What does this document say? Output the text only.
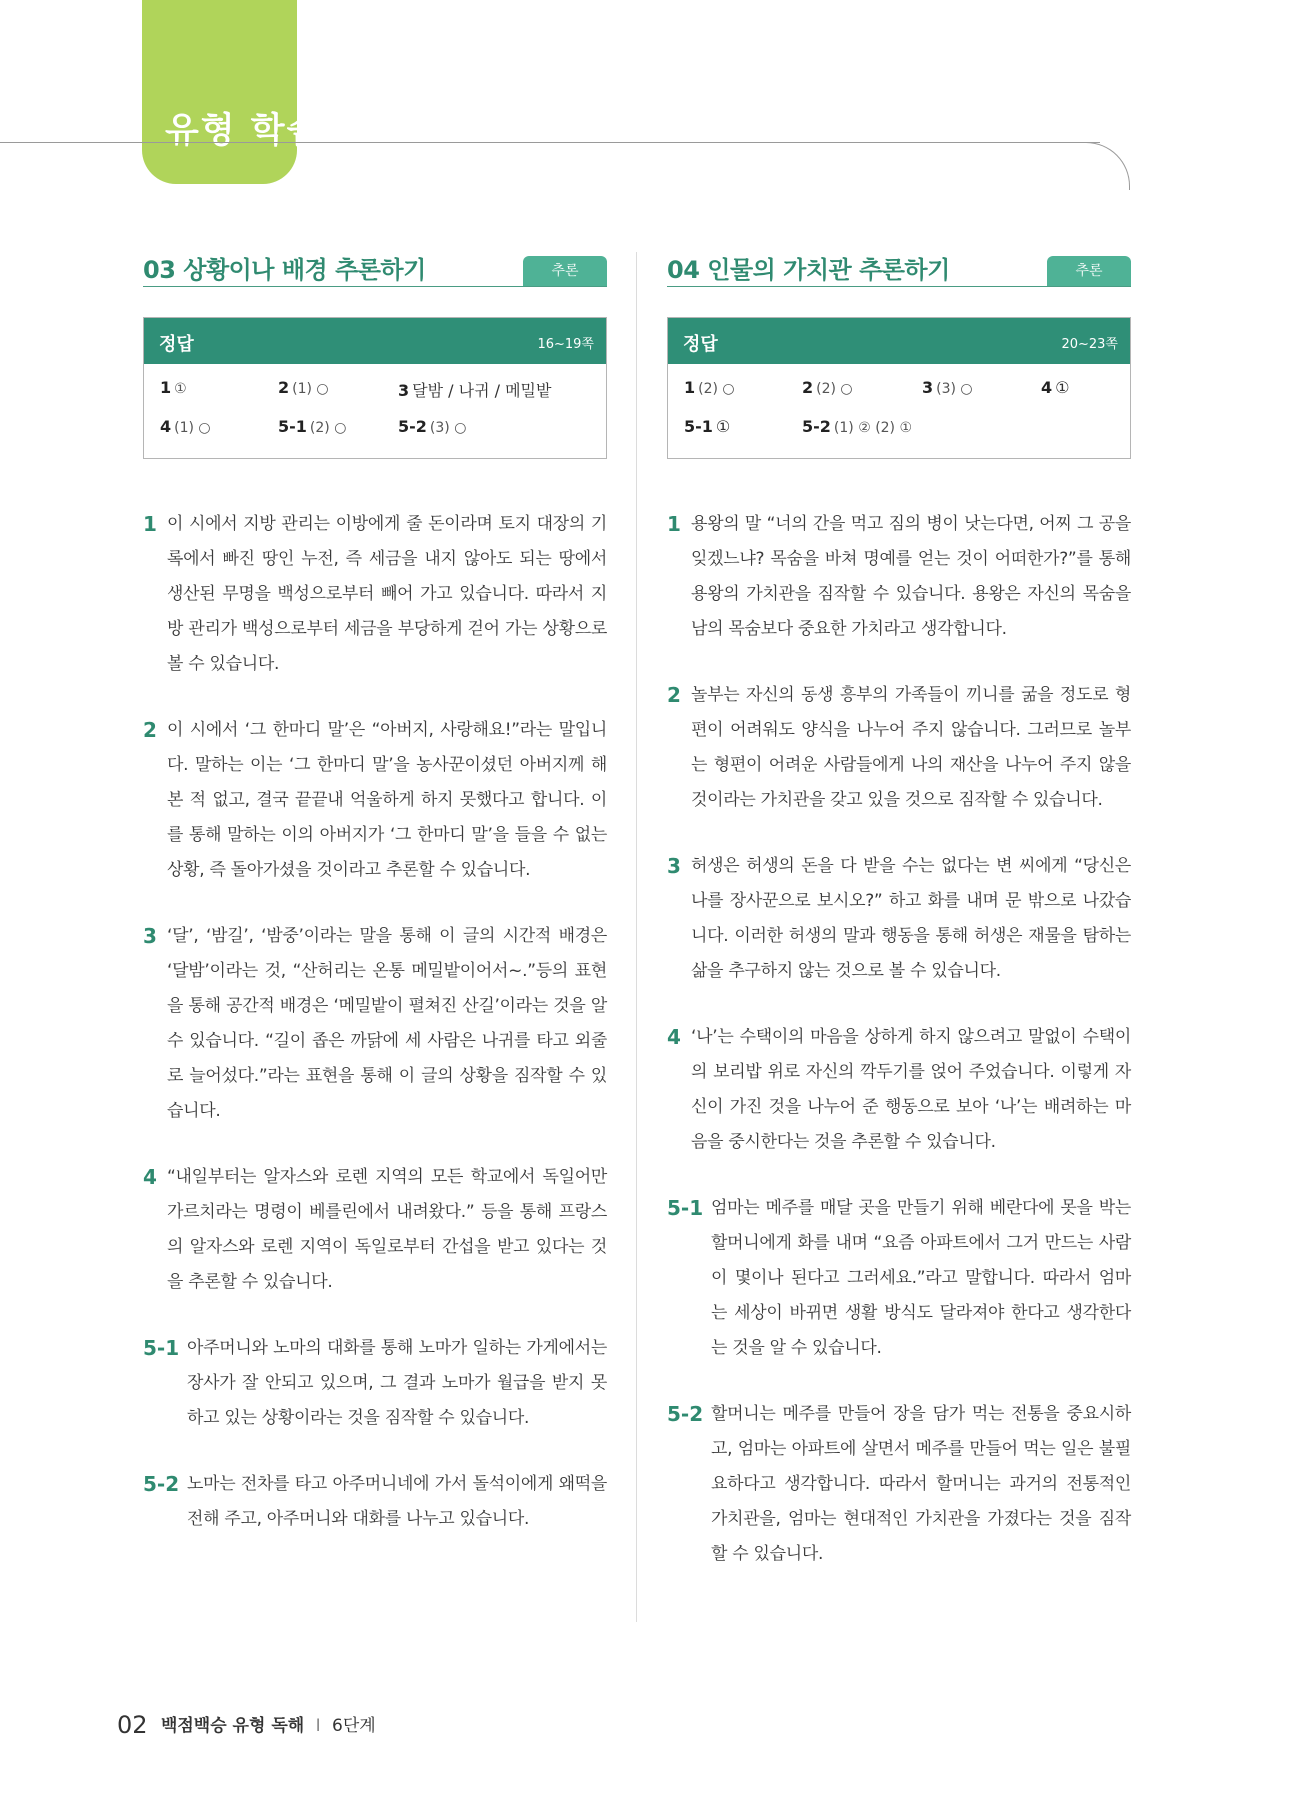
유형 학습
03 상황이나 배경 추론하기	추론
정답	16~19쪽
1 ①	2 (1) ○	3 달밤 / 나귀 / 메밀밭
4 (1) ○	5-1 (2) ○	5-2 (3) ○
1 이 시에서 지방 관리는 이방에게 줄 돈이라며 토지 대장의 기록에서 빠진 땅인 누전, 즉 세금을 내지 않아도 되는 땅에서 생산된 무명을 백성으로부터 빼어 가고 있습니다. 따라서 지방 관리가 백성으로부터 세금을 부당하게 걷어 가는 상황으로 볼 수 있습니다.
2 이 시에서 ‘그 한마디 말’은 “아버지, 사랑해요!”라는 말입니다. 말하는 이는 ‘그 한마디 말’을 농사꾼이셨던 아버지께 해 본 적 없고, 결국 끝끝내 억울하게 하지 못했다고 합니다. 이를 통해 말하는 이의 아버지가 ‘그 한마디 말’을 들을 수 없는 상황, 즉 돌아가셨을 것이라고 추론할 수 있습니다.
3 ‘달’, ‘밤길’, ‘밤중’이라는 말을 통해 이 글의 시간적 배경은 ‘달밤’이라는 것, “산허리는 온통 메밀밭이어서~.”등의 표현을 통해 공간적 배경은 ‘메밀밭이 펼쳐진 산길’이라는 것을 알 수 있습니다. “길이 좁은 까닭에 세 사람은 나귀를 타고 외줄로 늘어섰다.”라는 표현을 통해 이 글의 상황을 짐작할 수 있습니다.
4 “내일부터는 알자스와 로렌 지역의 모든 학교에서 독일어만 가르치라는 명령이 베를린에서 내려왔다.” 등을 통해 프랑스의 알자스와 로렌 지역이 독일로부터 간섭을 받고 있다는 것을 추론할 수 있습니다.
5-1 아주머니와 노마의 대화를 통해 노마가 일하는 가게에서는 장사가 잘 안되고 있으며, 그 결과 노마가 월급을 받지 못하고 있는 상황이라는 것을 짐작할 수 있습니다.
5-2 노마는 전차를 타고 아주머니네에 가서 돌석이에게 왜떡을 전해 주고, 아주머니와 대화를 나누고 있습니다.
04 인물의 가치관 추론하기	추론
정답	20~23쪽
1 (2) ○	2 (2) ○	3 (3) ○	4 ①
5-1 ①	5-2 (1) ② (2) ①
1 용왕의 말 “너의 간을 먹고 짐의 병이 낫는다면, 어찌 그 공을 잊겠느냐? 목숨을 바쳐 명예를 얻는 것이 어떠한가?”를 통해 용왕의 가치관을 짐작할 수 있습니다. 용왕은 자신의 목숨을 남의 목숨보다 중요한 가치라고 생각합니다.
2 놀부는 자신의 동생 흥부의 가족들이 끼니를 굶을 정도로 형편이 어려워도 양식을 나누어 주지 않습니다. 그러므로 놀부는 형편이 어려운 사람들에게 나의 재산을 나누어 주지 않을 것이라는 가치관을 갖고 있을 것으로 짐작할 수 있습니다.
3 허생은 허생의 돈을 다 받을 수는 없다는 변 씨에게 “당신은 나를 장사꾼으로 보시오?” 하고 화를 내며 문 밖으로 나갔습니다. 이러한 허생의 말과 행동을 통해 허생은 재물을 탐하는 삶을 추구하지 않는 것으로 볼 수 있습니다.
4 ‘나’는 수택이의 마음을 상하게 하지 않으려고 말없이 수택이의 보리밥 위로 자신의 깍두기를 얹어 주었습니다. 이렇게 자신이 가진 것을 나누어 준 행동으로 보아 ‘나’는 배려하는 마음을 중시한다는 것을 추론할 수 있습니다.
5-1 엄마는 메주를 매달 곳을 만들기 위해 베란다에 못을 박는 할머니에게 화를 내며 “요즘 아파트에서 그거 만드는 사람이 몇이나 된다고 그러세요.”라고 말합니다. 따라서 엄마는 세상이 바뀌면 생활 방식도 달라져야 한다고 생각한다는 것을 알 수 있습니다.
5-2 할머니는 메주를 만들어 장을 담가 먹는 전통을 중요시하고, 엄마는 아파트에 살면서 메주를 만들어 먹는 일은 불필요하다고 생각합니다. 따라서 할머니는 과거의 전통적인 가치관을, 엄마는 현대적인 가치관을 가졌다는 것을 짐작할 수 있습니다.
02 백점백승 유형 독해 I 6단계
